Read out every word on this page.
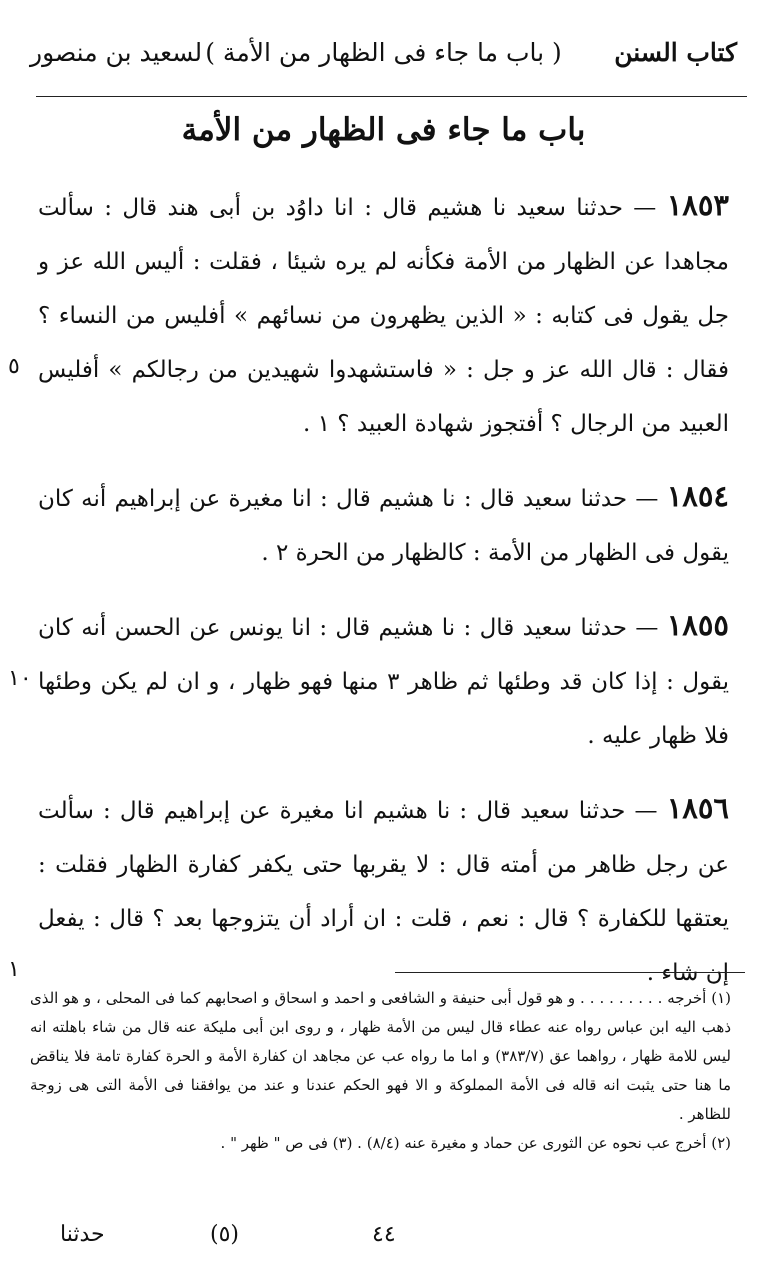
كتاب السنن
( باب ما جاء فى الظهار من الأمة )
لسعيد بن منصور
باب ما جاء فى الظهار من الأمة

٥
١٨٥٣ — حدثنا سعيد نا هشيم قال : انا داوُد بن أبى هند قال : سألت مجاهدا عن الظهار من الأمة فكأنه لم يره شيئا ، فقلت : أليس الله عز و جل يقول فى كتابه : « الذين يظهرون من نسائهم » أفليس من النساء ؟ فقال : قال الله عز و جل : « فاستشهدوا شهيدين من رجالكم » أفليس العبيد من الرجال ؟ أفتجوز شهادة العبيد ؟ ١ .

١٨٥٤ — حدثنا سعيد قال : نا هشيم قال : انا مغيرة عن إبراهيم أنه كان يقول فى الظهار من الأمة : كالظهار من الحرة ٢ .

١٠
١٨٥٥ — حدثنا سعيد قال : نا هشيم قال : انا يونس عن الحسن أنه كان يقول : إذا كان قد وطئها ثم ظاهر ٣ منها فهو ظهار ، و ان لم يكن وطئها فلا ظهار عليه .

١
١٨٥٦ — حدثنا سعيد قال : نا هشيم انا مغيرة عن إبراهيم قال : سألت عن رجل ظاهر من أمته قال : لا يقربها حتى يكفر كفارة الظهار فقلت : يعتقها للكفارة ؟ قال : نعم ، قلت : ان أراد أن يتزوجها بعد ؟ قال : يفعل إن شاء .

(١) أخرجه . . . . . . . . . و هو قول أبى حنيفة و الشافعى و احمد و اسحاق و اصحابهم كما فى المحلى ، و هو الذى ذهب اليه ابن عباس رواه عنه عطاء قال ليس من الأمة ظهار ، و روى ابن أبى مليكة عنه قال من شاء باهلته انه ليس للامة ظهار ، رواهما عق (٣٨٣/٧) و اما ما رواه عب عن مجاهد ان كفارة الأمة و الحرة كفارة تامة فلا يناقض ما هنا حتى يثبت انه قاله فى الأمة المملوكة و الا فهو الحكم عندنا و عند من يوافقنا فى الأمة التى هى زوجة للظاهر .

(٢) أخرج عب نحوه عن الثورى عن حماد و مغيرة عنه (٨/٤) . (٣) فى ص " ظهر " .

حدثنا	(٥)	٤٤
